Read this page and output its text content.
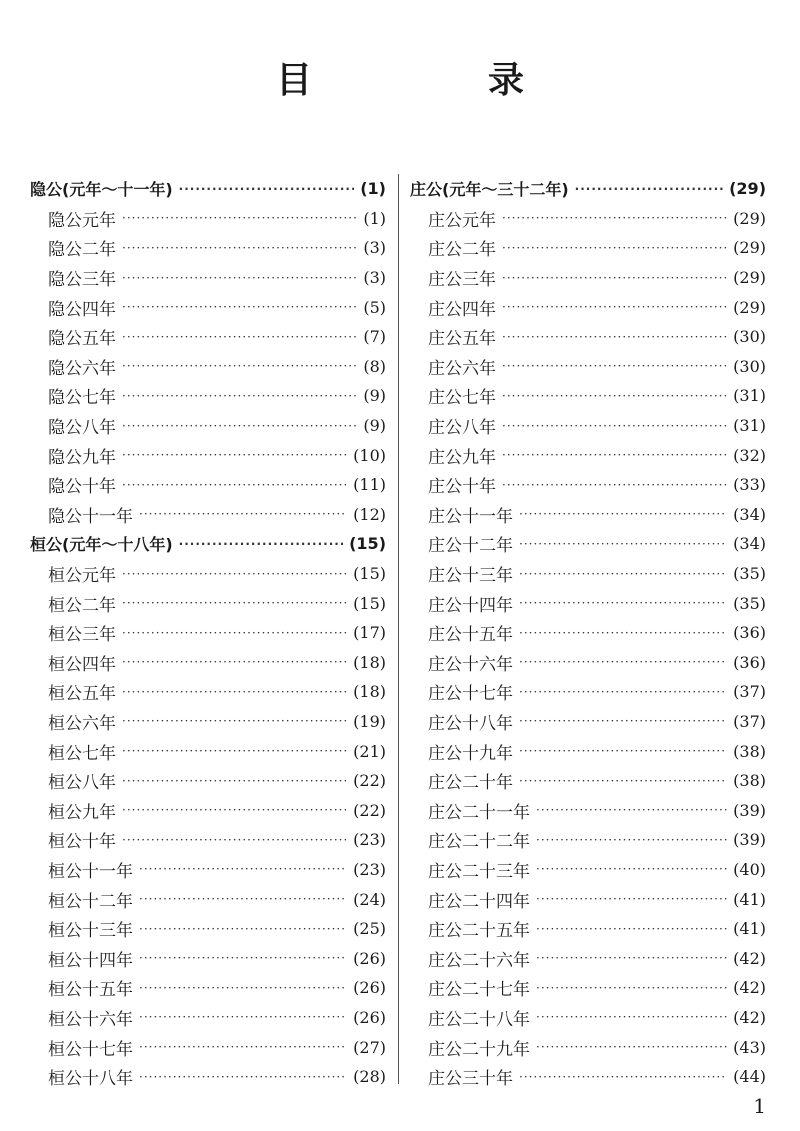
目　录
隐公(元年～十一年) ·····	(1)
隐公元年 ·····	(1)
隐公二年 ·····	(3)
隐公三年 ·····	(3)
隐公四年 ·····	(5)
隐公五年 ·····	(7)
隐公六年 ·····	(8)
隐公七年 ·····	(9)
隐公八年 ·····	(9)
隐公九年 ·····	(10)
隐公十年 ·····	(11)
隐公十一年 ·····	(12)
桓公(元年～十八年) ·····	(15)
桓公元年 ·····	(15)
桓公二年 ·····	(15)
桓公三年 ·····	(17)
桓公四年 ·····	(18)
桓公五年 ·····	(18)
桓公六年 ·····	(19)
桓公七年 ·····	(21)
桓公八年 ·····	(22)
桓公九年 ·····	(22)
桓公十年 ·····	(23)
桓公十一年 ·····	(23)
桓公十二年 ·····	(24)
桓公十三年 ·····	(25)
桓公十四年 ·····	(26)
桓公十五年 ·····	(26)
桓公十六年 ·····	(26)
桓公十七年 ·····	(27)
桓公十八年 ·····	(28)
庄公(元年～三十二年) ·····	(29)
庄公元年 ·····	(29)
庄公二年 ·····	(29)
庄公三年 ·····	(29)
庄公四年 ·····	(29)
庄公五年 ·····	(30)
庄公六年 ·····	(30)
庄公七年 ·····	(31)
庄公八年 ·····	(31)
庄公九年 ·····	(32)
庄公十年 ·····	(33)
庄公十一年 ·····	(34)
庄公十二年 ·····	(34)
庄公十三年 ·····	(35)
庄公十四年 ·····	(35)
庄公十五年 ·····	(36)
庄公十六年 ·····	(36)
庄公十七年 ·····	(37)
庄公十八年 ·····	(37)
庄公十九年 ·····	(38)
庄公二十年 ·····	(38)
庄公二十一年 ·····	(39)
庄公二十二年 ·····	(39)
庄公二十三年 ·····	(40)
庄公二十四年 ·····	(41)
庄公二十五年 ·····	(41)
庄公二十六年 ·····	(42)
庄公二十七年 ·····	(42)
庄公二十八年 ·····	(42)
庄公二十九年 ·····	(43)
庄公三十年 ·····	(44)
1
